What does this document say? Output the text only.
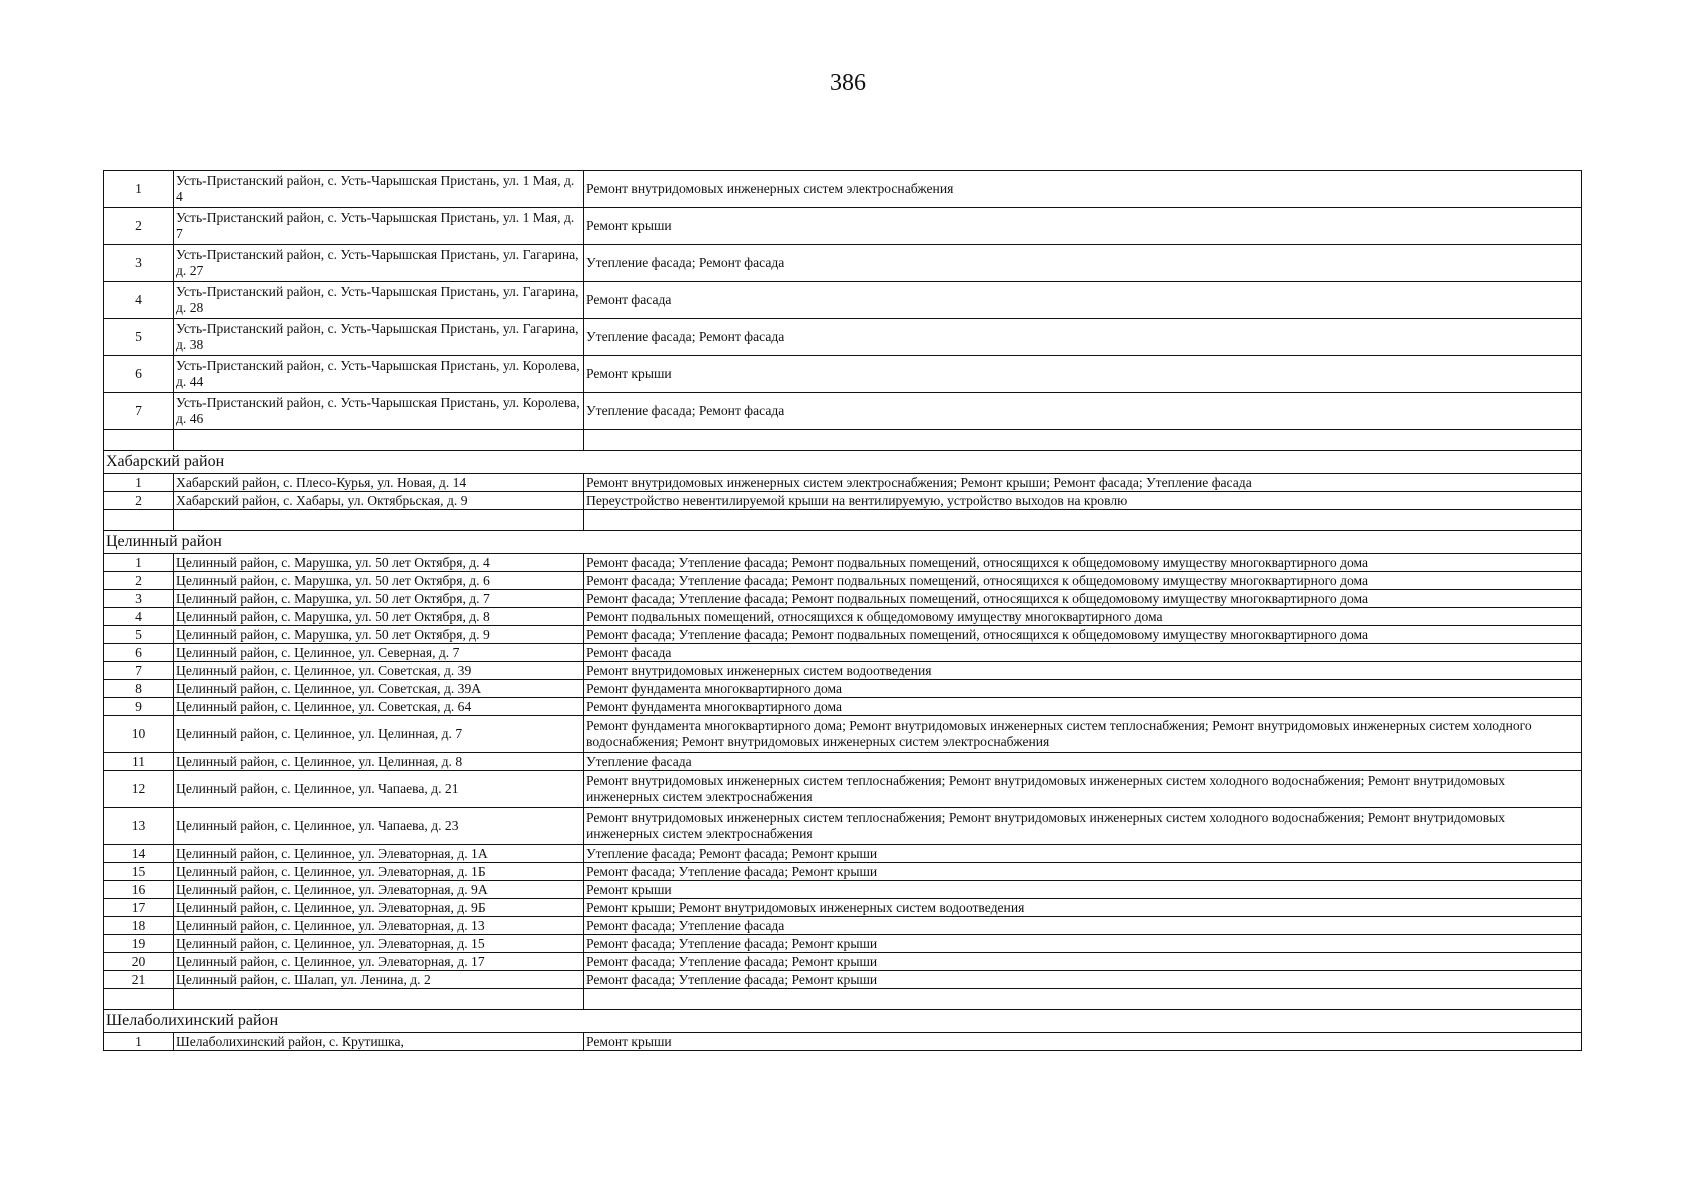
386
1	Усть-Пристанский район, с. Усть-Чарышская Пристань, ул. 1 Мая, д. 4	Ремонт внутридомовых инженерных систем электроснабжения
2	Усть-Пристанский район, с. Усть-Чарышская Пристань, ул. 1 Мая, д. 7	Ремонт крыши
3	Усть-Пристанский район, с. Усть-Чарышская Пристань, ул. Гагарина, д. 27	Утепление фасада; Ремонт фасада
4	Усть-Пристанский район, с. Усть-Чарышская Пристань, ул. Гагарина, д. 28	Ремонт фасада
5	Усть-Пристанский район, с. Усть-Чарышская Пристань, ул. Гагарина, д. 38	Утепление фасада; Ремонт фасада
6	Усть-Пристанский район, с. Усть-Чарышская Пристань, ул. Королева, д. 44	Ремонт крыши
7	Усть-Пристанский район, с. Усть-Чарышская Пристань, ул. Королева, д. 46	Утепление фасада; Ремонт фасада

Хабарский район		
1	Хабарский район, с. Плесо-Курья, ул. Новая, д. 14	Ремонт внутридомовых инженерных систем электроснабжения; Ремонт крыши; Ремонт фасада; Утепление фасада
2	Хабарский район, с. Хабары, ул. Октябрьская, д. 9	Переустройство невентилируемой крыши на вентилируемую, устройство выходов на кровлю

Целинный район		
1	Целинный район, с. Марушка, ул. 50 лет Октября, д. 4	Ремонт фасада; Утепление фасада; Ремонт подвальных помещений, относящихся к общедомовому имуществу многоквартирного дома
2	Целинный район, с. Марушка, ул. 50 лет Октября, д. 6	Ремонт фасада; Утепление фасада; Ремонт подвальных помещений, относящихся к общедомовому имуществу многоквартирного дома
3	Целинный район, с. Марушка, ул. 50 лет Октября, д. 7	Ремонт фасада; Утепление фасада; Ремонт подвальных помещений, относящихся к общедомовому имуществу многоквартирного дома
4	Целинный район, с. Марушка, ул. 50 лет Октября, д. 8	Ремонт подвальных помещений, относящихся к общедомовому имуществу многоквартирного дома
5	Целинный район, с. Марушка, ул. 50 лет Октября, д. 9	Ремонт фасада; Утепление фасада; Ремонт подвальных помещений, относящихся к общедомовому имуществу многоквартирного дома
6	Целинный район, с. Целинное, ул. Северная, д. 7	Ремонт фасада
7	Целинный район, с. Целинное, ул. Советская, д. 39	Ремонт внутридомовых инженерных систем водоотведения
8	Целинный район, с. Целинное, ул. Советская, д. 39А	Ремонт фундамента многоквартирного дома
9	Целинный район, с. Целинное, ул. Советская, д. 64	Ремонт фундамента многоквартирного дома
10	Целинный район, с. Целинное, ул. Целинная, д. 7	Ремонт фундамента многоквартирного дома; Ремонт внутридомовых инженерных систем теплоснабжения; Ремонт внутридомовых инженерных систем холодного водоснабжения; Ремонт внутридомовых инженерных систем электроснабжения
11	Целинный район, с. Целинное, ул. Целинная, д. 8	Утепление фасада
12	Целинный район, с. Целинное, ул. Чапаева, д. 21	Ремонт внутридомовых инженерных систем теплоснабжения; Ремонт внутридомовых инженерных систем холодного водоснабжения; Ремонт внутридомовых инженерных систем электроснабжения
13	Целинный район, с. Целинное, ул. Чапаева, д. 23	Ремонт внутридомовых инженерных систем теплоснабжения; Ремонт внутридомовых инженерных систем холодного водоснабжения; Ремонт внутридомовых инженерных систем электроснабжения
14	Целинный район, с. Целинное, ул. Элеваторная, д. 1А	Утепление фасада; Ремонт фасада; Ремонт крыши
15	Целинный район, с. Целинное, ул. Элеваторная, д. 1Б	Ремонт фасада; Утепление фасада; Ремонт крыши
16	Целинный район, с. Целинное, ул. Элеваторная, д. 9А	Ремонт крыши
17	Целинный район, с. Целинное, ул. Элеваторная, д. 9Б	Ремонт крыши; Ремонт внутридомовых инженерных систем водоотведения
18	Целинный район, с. Целинное, ул. Элеваторная, д. 13	Ремонт фасада; Утепление фасада
19	Целинный район, с. Целинное, ул. Элеваторная, д. 15	Ремонт фасада; Утепление фасада; Ремонт крыши
20	Целинный район, с. Целинное, ул. Элеваторная, д. 17	Ремонт фасада; Утепление фасада; Ремонт крыши
21	Целинный район, с. Шалап, ул. Ленина, д. 2	Ремонт фасада; Утепление фасада; Ремонт крыши

Шелаболихинский район		
1	Шелаболихинский район, с. Крутишка,	Ремонт крыши
